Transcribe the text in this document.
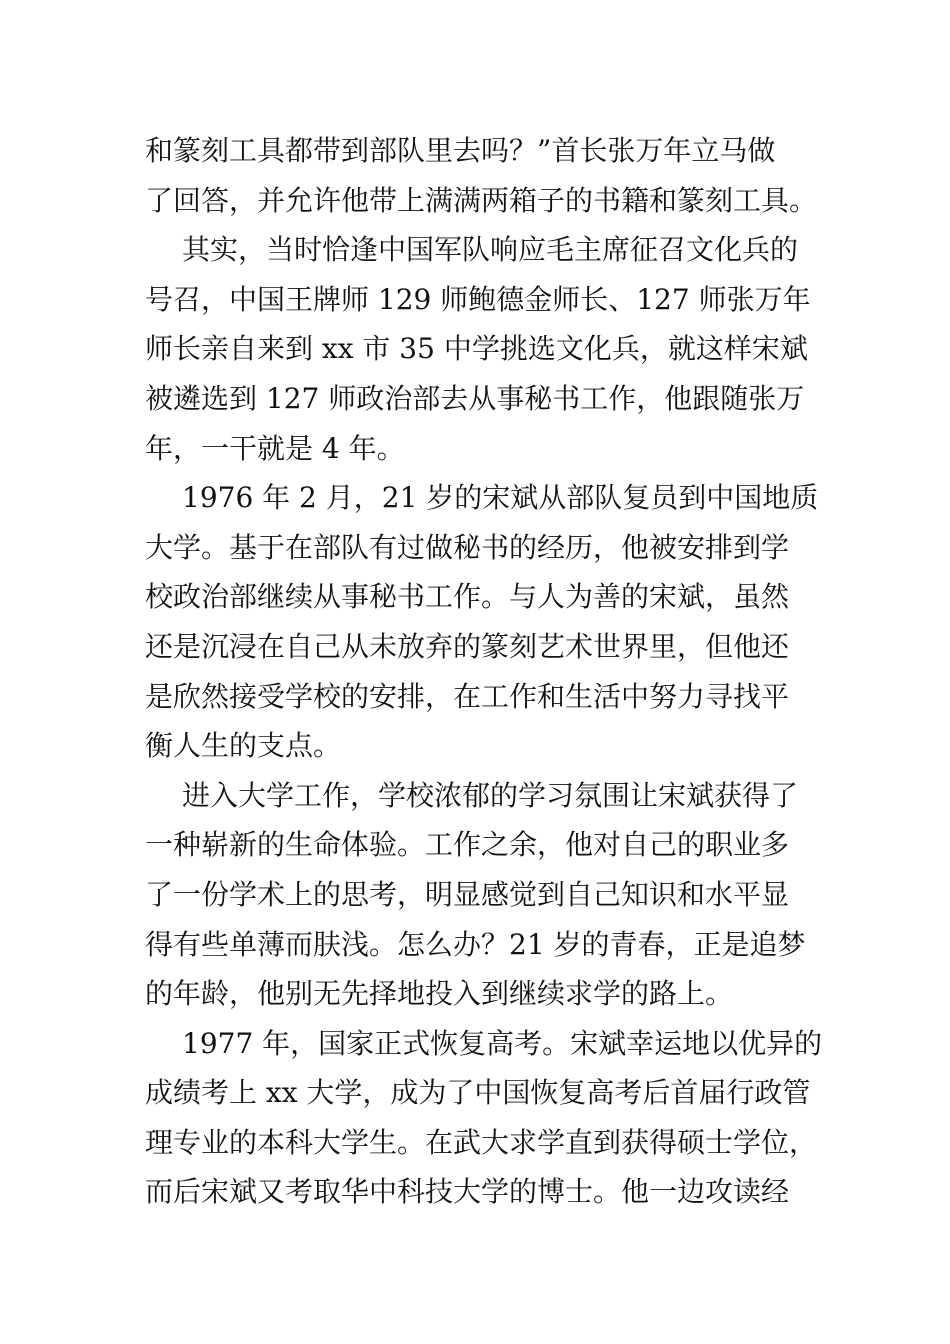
和篆刻工具都带到部队里去吗？”首长张万年立马做
了回答，并允许他带上满满两箱子的书籍和篆刻工具。
其实，当时恰逢中国军队响应毛主席征召文化兵的
号召，中国王牌师 129 师鲍德金师长、127 师张万年
师长亲自来到 xx 市 35 中学挑选文化兵，就这样宋斌
被遴选到 127 师政治部去从事秘书工作，他跟随张万
年，一干就是 4 年。
1976 年 2 月，21 岁的宋斌从部队复员到中国地质
大学。基于在部队有过做秘书的经历，他被安排到学
校政治部继续从事秘书工作。与人为善的宋斌，虽然
还是沉浸在自己从未放弃的篆刻艺术世界里，但他还
是欣然接受学校的安排，在工作和生活中努力寻找平
衡人生的支点。
进入大学工作，学校浓郁的学习氛围让宋斌获得了
一种崭新的生命体验。工作之余，他对自己的职业多
了一份学术上的思考，明显感觉到自己知识和水平显
得有些单薄而肤浅。怎么办？21 岁的青春，正是追梦
的年龄，他别无先择地投入到继续求学的路上。
1977 年，国家正式恢复高考。宋斌幸运地以优异的
成绩考上 xx 大学，成为了中国恢复高考后首届行政管
理专业的本科大学生。在武大求学直到获得硕士学位，
而后宋斌又考取华中科技大学的博士。他一边攻读经
